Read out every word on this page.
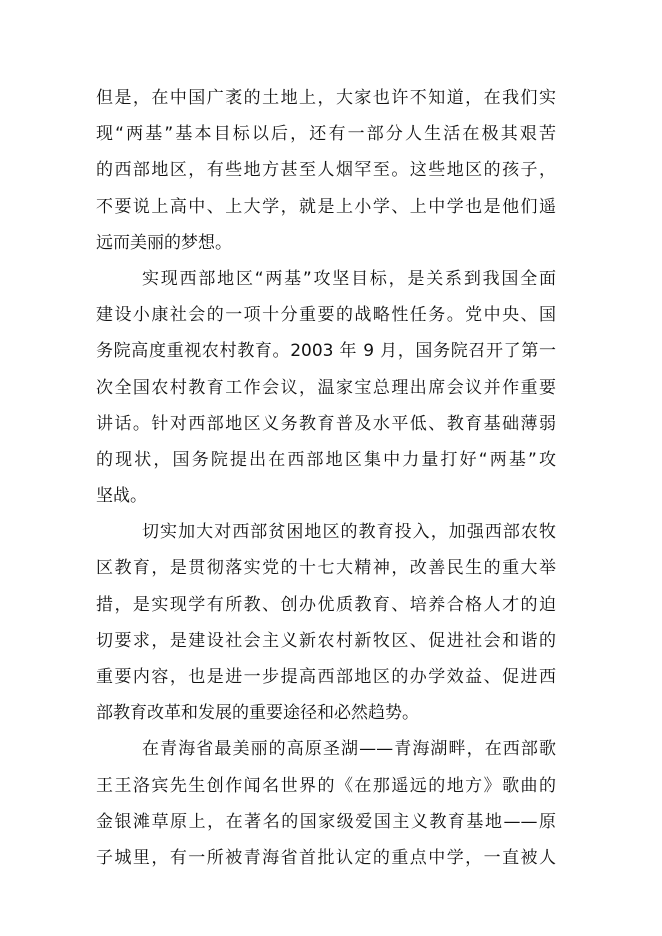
但是，在中国广袤的土地上，大家也许不知道，在我们实
现“两基”基本目标以后，还有一部分人生活在极其艰苦
的西部地区，有些地方甚至人烟罕至。这些地区的孩子，
不要说上高中、上大学，就是上小学、上中学也是他们遥
远而美丽的梦想。
实现西部地区“两基”攻坚目标，是关系到我国全面
建设小康社会的一项十分重要的战略性任务。党中央、国
务院高度重视农村教育。2003 年 9 月，国务院召开了第一
次全国农村教育工作会议，温家宝总理出席会议并作重要
讲话。针对西部地区义务教育普及水平低、教育基础薄弱
的现状，国务院提出在西部地区集中力量打好“两基”攻
坚战。
切实加大对西部贫困地区的教育投入，加强西部农牧
区教育，是贯彻落实党的十七大精神，改善民生的重大举
措，是实现学有所教、创办优质教育、培养合格人才的迫
切要求，是建设社会主义新农村新牧区、促进社会和谐的
重要内容，也是进一步提高西部地区的办学效益、促进西
部教育改革和发展的重要途径和必然趋势。
在青海省最美丽的高原圣湖——青海湖畔，在西部歌
王王洛宾先生创作闻名世界的《在那遥远的地方》歌曲的
金银滩草原上，在著名的国家级爱国主义教育基地——原
子城里，有一所被青海省首批认定的重点中学，一直被人
